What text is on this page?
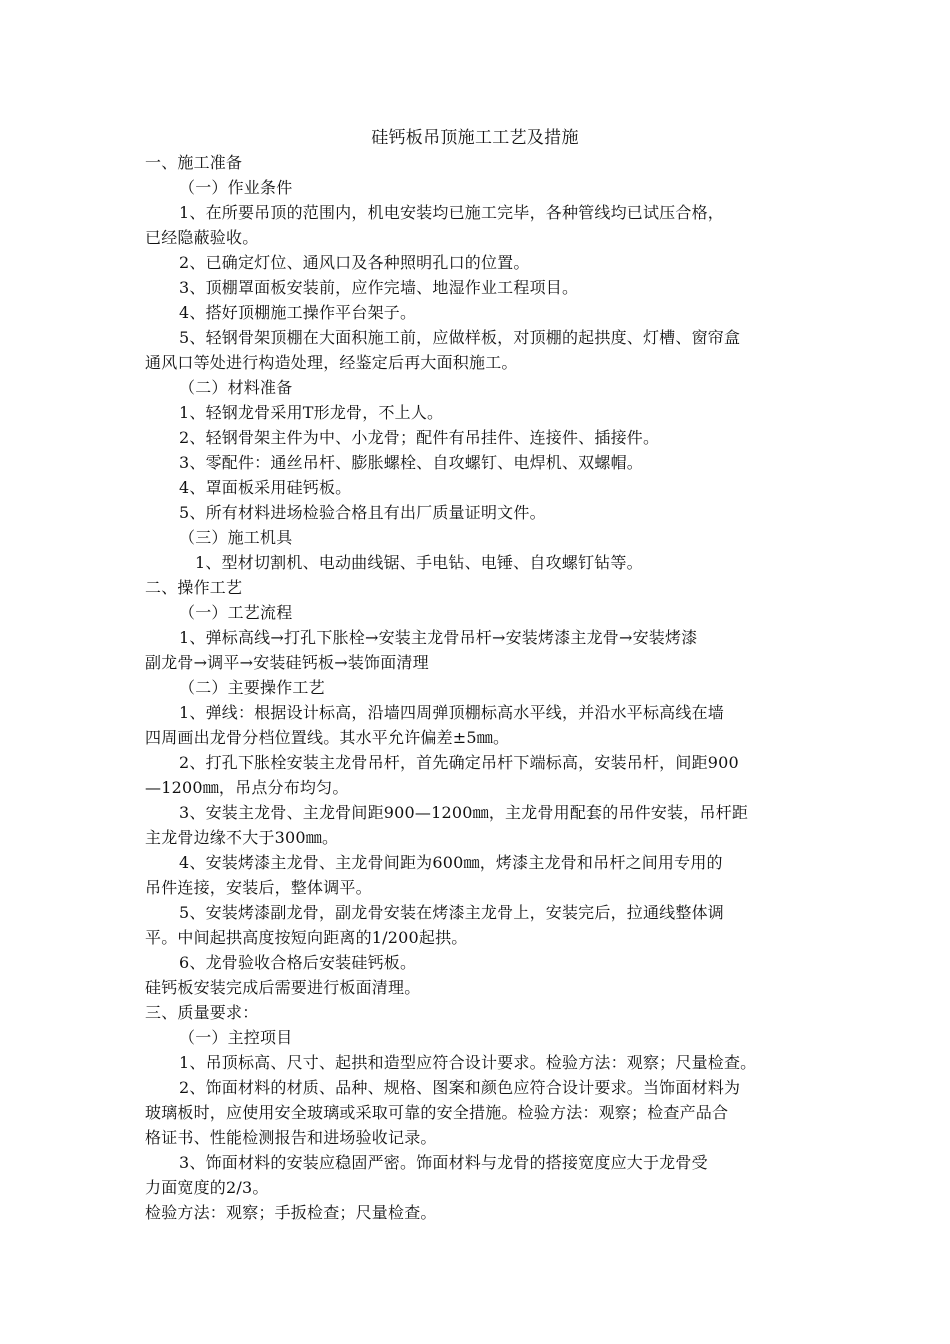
硅钙板吊顶施工工艺及措施
一、施工准备
（一）作业条件
1、在所要吊顶的范围内，机电安装均已施工完毕，各种管线均已试压合格，
已经隐蔽验收。
2、已确定灯位、通风口及各种照明孔口的位置。
3、顶棚罩面板安装前，应作完墙、地湿作业工程项目。
4、搭好顶棚施工操作平台架子。
5、轻钢骨架顶棚在大面积施工前，应做样板，对顶棚的起拱度、灯槽、窗帘盒
通风口等处进行构造处理，经鉴定后再大面积施工。
（二）材料准备
1、轻钢龙骨采用T形龙骨，不上人。
2、轻钢骨架主件为中、小龙骨；配件有吊挂件、连接件、插接件。
3、零配件：通丝吊杆、膨胀螺栓、自攻螺钉、电焊机、双螺帽。
4、罩面板采用硅钙板。
5、所有材料进场检验合格且有出厂质量证明文件。
（三）施工机具
1、型材切割机、电动曲线锯、手电钻、电锤、自攻螺钉钻等。
二、操作工艺
（一）工艺流程
1、弹标高线→打孔下胀栓→安装主龙骨吊杆→安装烤漆主龙骨→安装烤漆
副龙骨→调平→安装硅钙板→装饰面清理
（二）主要操作工艺
1、弹线：根据设计标高，沿墙四周弹顶棚标高水平线，并沿水平标高线在墙
四周画出龙骨分档位置线。其水平允许偏差±5㎜。
2、打孔下胀栓安装主龙骨吊杆，首先确定吊杆下端标高，安装吊杆，间距900
—1200㎜，吊点分布均匀。
3、安装主龙骨、主龙骨间距900—1200㎜，主龙骨用配套的吊件安装，吊杆距
主龙骨边缘不大于300㎜。
4、安装烤漆主龙骨、主龙骨间距为600㎜，烤漆主龙骨和吊杆之间用专用的
吊件连接，安装后，整体调平。
5、安装烤漆副龙骨，副龙骨安装在烤漆主龙骨上，安装完后，拉通线整体调
平。中间起拱高度按短向距离的1/200起拱。
6、龙骨验收合格后安装硅钙板。
硅钙板安装完成后需要进行板面清理。
三、质量要求：
（一）主控项目
1、吊顶标高、尺寸、起拱和造型应符合设计要求。检验方法：观察；尺量检查。
2、饰面材料的材质、品种、规格、图案和颜色应符合设计要求。当饰面材料为
玻璃板时，应使用安全玻璃或采取可靠的安全措施。检验方法：观察；检查产品合
格证书、性能检测报告和进场验收记录。
3、饰面材料的安装应稳固严密。饰面材料与龙骨的搭接宽度应大于龙骨受
力面宽度的2/3。
检验方法：观察；手扳检查；尺量检查。
